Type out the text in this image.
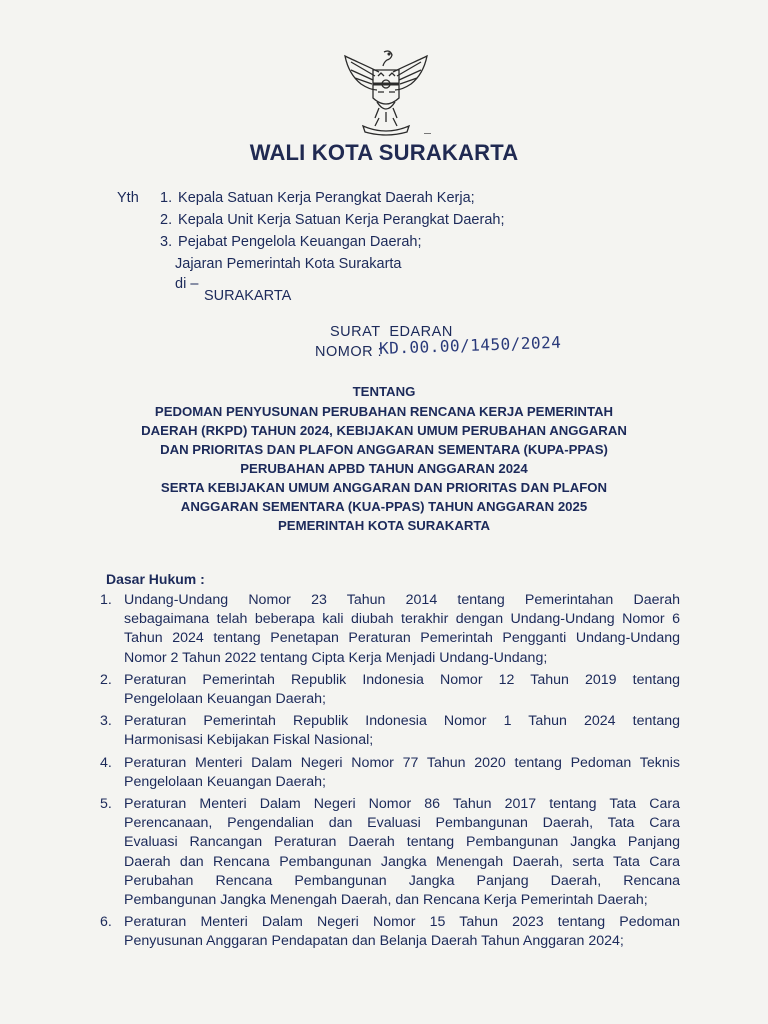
WALI KOTA SURAKARTA
Yth 1. Kepala Satuan Kerja Perangkat Daerah Kerja;
2. Kepala Unit Kerja Satuan Kerja Perangkat Daerah;
3. Pejabat Pengelola Keuangan Daerah;
Jajaran Pemerintah Kota Surakarta
di –
SURAKARTA
SURAT  EDARAN
NOMOR :
KD.00.00/1450/2024
TENTANG
PEDOMAN PENYUSUNAN PERUBAHAN RENCANA KERJA PEMERINTAH
DAERAH (RKPD) TAHUN 2024, KEBIJAKAN UMUM PERUBAHAN ANGGARAN
DAN PRIORITAS DAN PLAFON ANGGARAN SEMENTARA (KUPA-PPAS)
PERUBAHAN APBD TAHUN ANGGARAN 2024
SERTA KEBIJAKAN UMUM ANGGARAN DAN PRIORITAS DAN PLAFON
ANGGARAN SEMENTARA (KUA-PPAS) TAHUN ANGGARAN 2025
PEMERINTAH KOTA SURAKARTA
Dasar Hukum :
1. Undang-Undang Nomor 23 Tahun 2014 tentang Pemerintahan Daerah
sebagaimana telah beberapa kali diubah terakhir dengan Undang-Undang Nomor 6
Tahun 2024 tentang Penetapan Peraturan Pemerintah Pengganti Undang-Undang
Nomor 2 Tahun 2022 tentang Cipta Kerja Menjadi Undang-Undang;
2. Peraturan Pemerintah Republik Indonesia Nomor 12 Tahun 2019 tentang
Pengelolaan Keuangan Daerah;
3. Peraturan Pemerintah Republik Indonesia Nomor 1 Tahun 2024 tentang
Harmonisasi Kebijakan Fiskal Nasional;
4. Peraturan Menteri Dalam Negeri Nomor 77 Tahun 2020 tentang Pedoman Teknis
Pengelolaan Keuangan Daerah;
5. Peraturan Menteri Dalam Negeri Nomor 86 Tahun 2017 tentang Tata Cara
Perencanaan, Pengendalian dan Evaluasi Pembangunan Daerah, Tata Cara
Evaluasi Rancangan Peraturan Daerah tentang Pembangunan Jangka Panjang
Daerah dan Rencana Pembangunan Jangka Menengah Daerah, serta Tata Cara
Perubahan Rencana Pembangunan Jangka Panjang Daerah, Rencana
Pembangunan Jangka Menengah Daerah, dan Rencana Kerja Pemerintah Daerah;
6. Peraturan Menteri Dalam Negeri Nomor 15 Tahun 2023 tentang Pedoman
Penyusunan Anggaran Pendapatan dan Belanja Daerah Tahun Anggaran 2024;
